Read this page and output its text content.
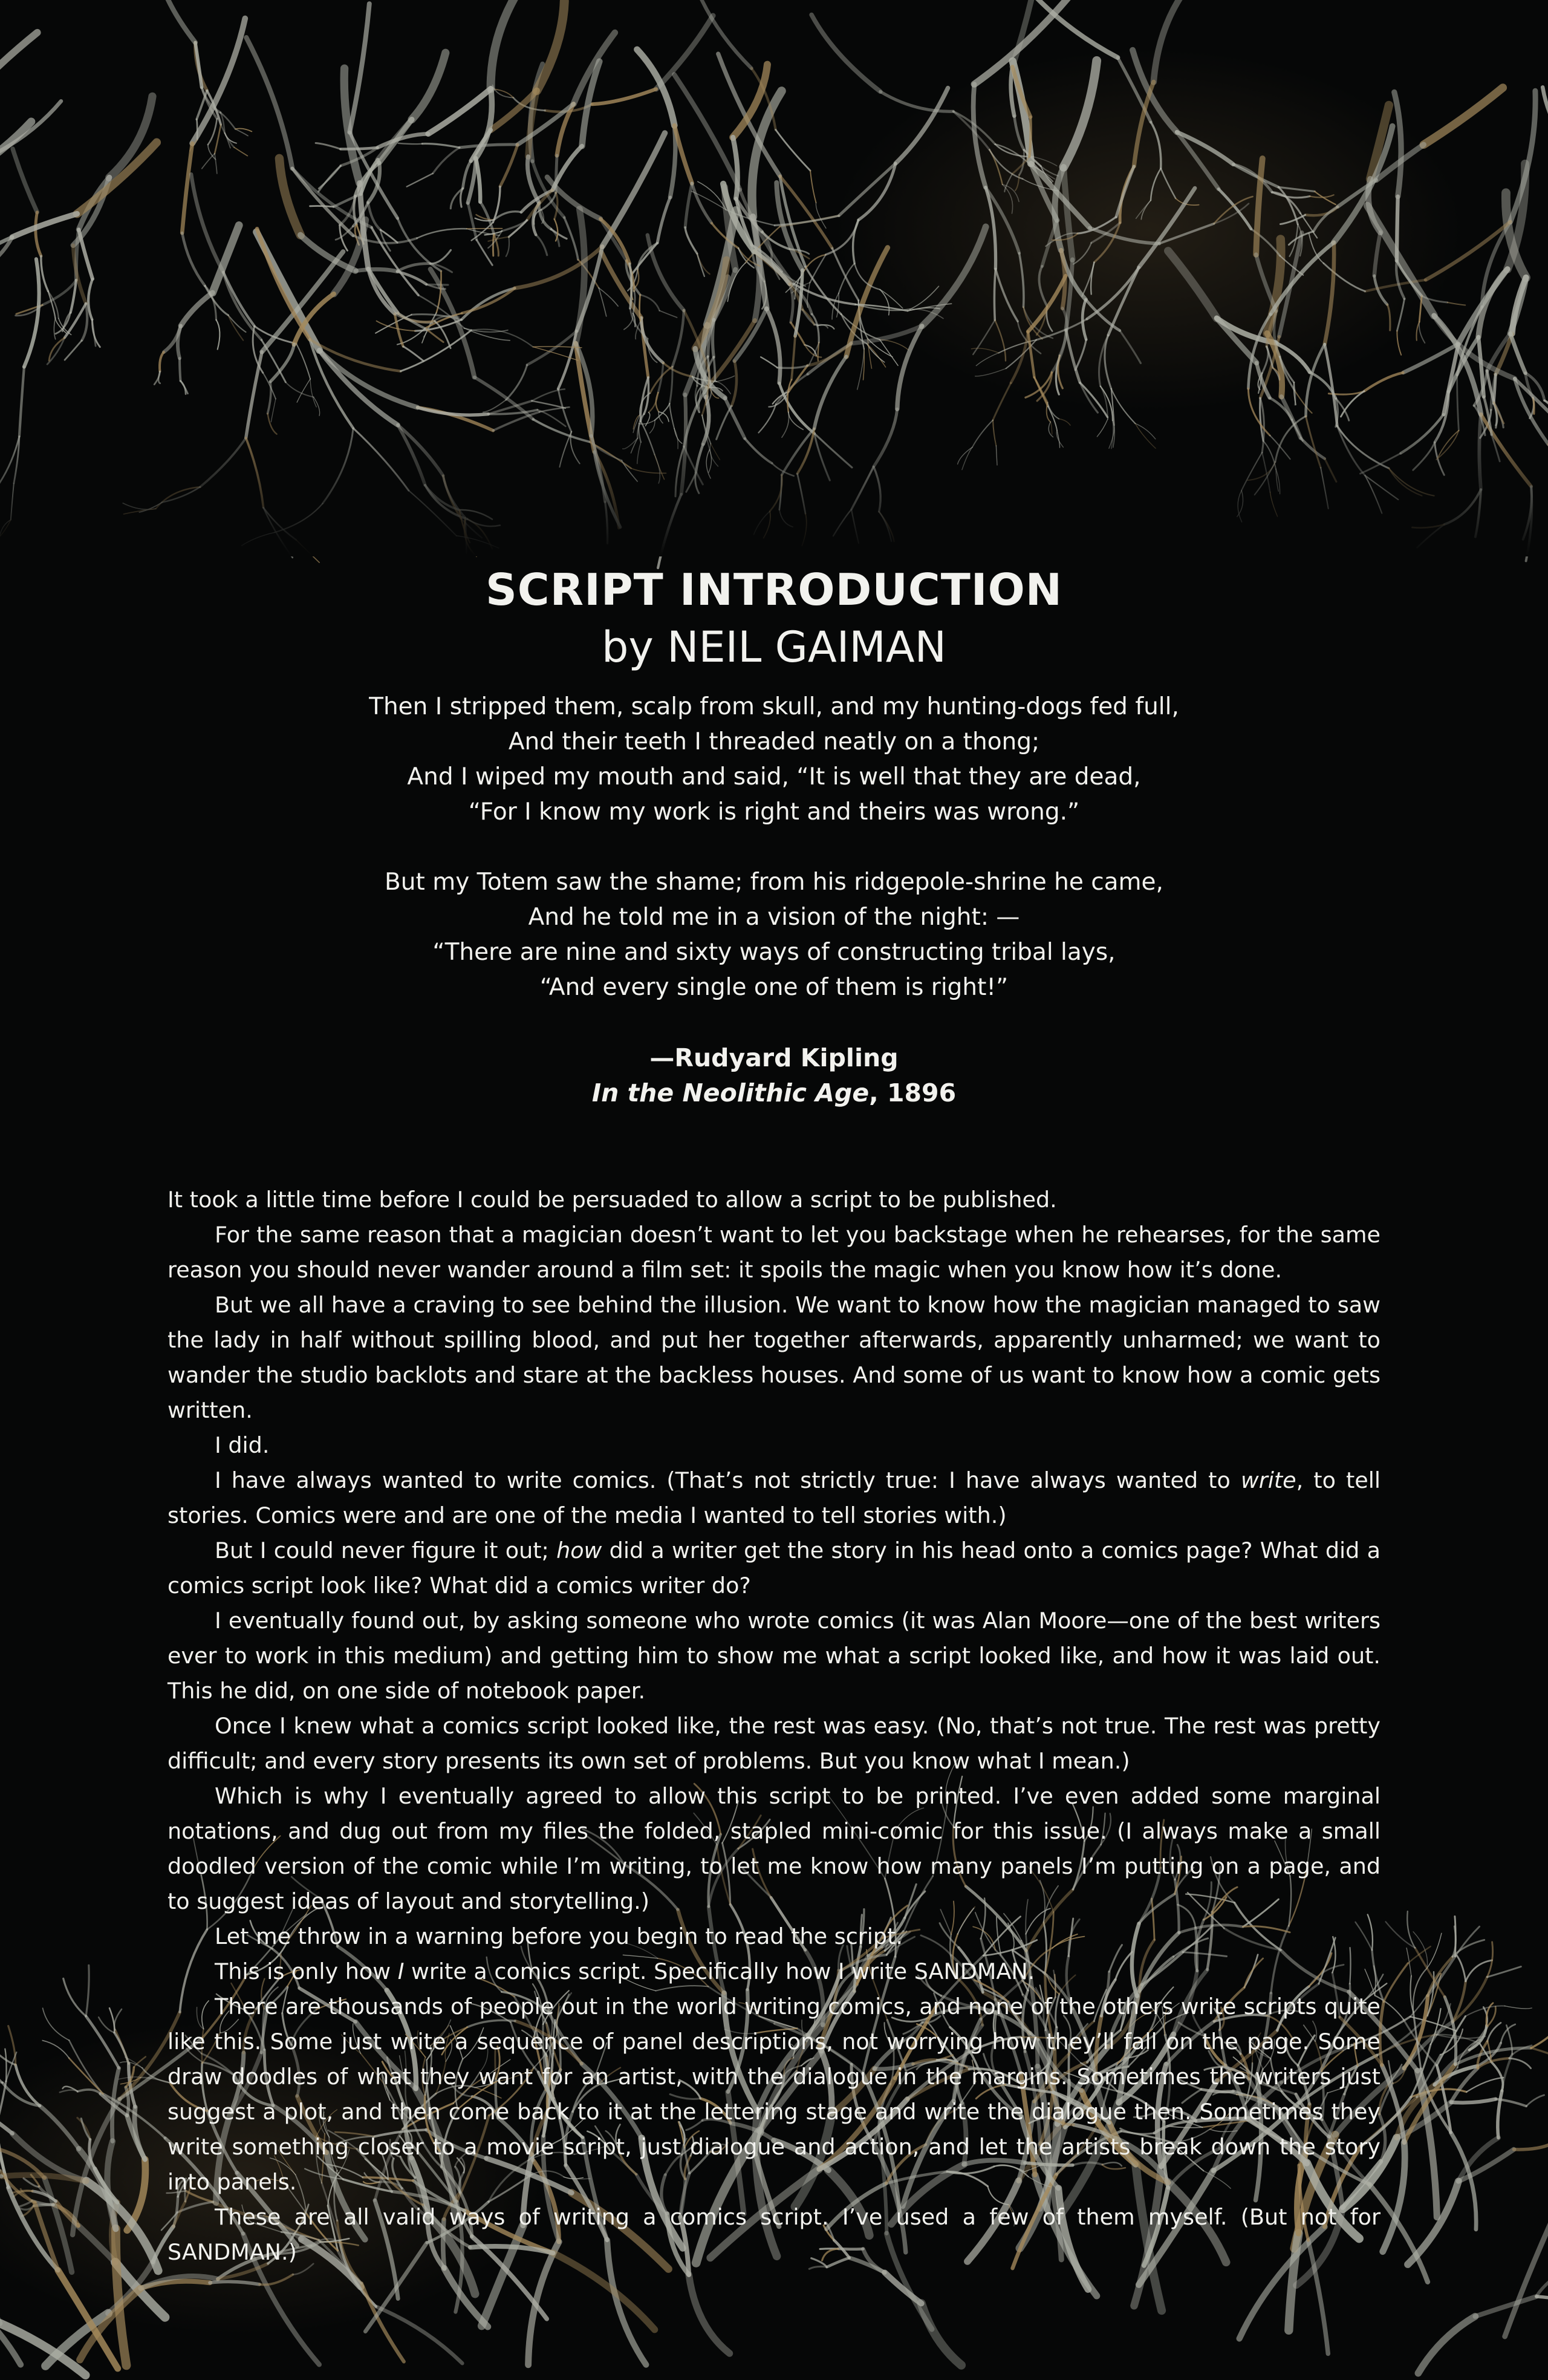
SCRIPT INTRODUCTION
by NEIL GAIMAN
Then I stripped them, scalp from skull, and my hunting-dogs fed full,
And their teeth I threaded neatly on a thong;
And I wiped my mouth and said, “It is well that they are dead,
“For I know my work is right and theirs was wrong.”
But my Totem saw the shame; from his ridgepole-shrine he came,
And he told me in a vision of the night: —
“There are nine and sixty ways of constructing tribal lays,
“And every single one of them is right!”
—Rudyard Kipling
In the Neolithic Age, 1896

It took a little time before I could be persuaded to allow a script to be published.

For the same reason that a magician doesn’t want to let you backstage when he rehearses, for the same reason you should never wander around a film set: it spoils the magic when you know how it’s done.

But we all have a craving to see behind the illusion. We want to know how the magician managed to saw the lady in half without spilling blood, and put her together afterwards, apparently unharmed; we want to wander the studio backlots and stare at the backless houses. And some of us want to know how a comic gets written.

I did.

I have always wanted to write comics. (That’s not strictly true: I have always wanted to write, to tell stories. Comics were and are one of the media I wanted to tell stories with.)

But I could never figure it out; how did a writer get the story in his head onto a comics page? What did a comics script look like? What did a comics writer do?

I eventually found out, by asking someone who wrote comics (it was Alan Moore—one of the best writers ever to work in this medium) and getting him to show me what a script looked like, and how it was laid out. This he did, on one side of notebook paper.

Once I knew what a comics script looked like, the rest was easy. (No, that’s not true. The rest was pretty difficult; and every story presents its own set of problems. But you know what I mean.)

Which is why I eventually agreed to allow this script to be printed. I’ve even added some marginal notations, and dug out from my files the folded, stapled mini-comic for this issue. (I always make a small doodled version of the comic while I’m writing, to let me know how many panels I’m putting on a page, and to suggest ideas of layout and storytelling.)

Let me throw in a warning before you begin to read the script.

This is only how I write a comics script. Specifically how I write SANDMAN.

There are thousands of people out in the world writing comics, and none of the others write scripts quite like this. Some just write a sequence of panel descriptions, not worrying how they’ll fall on the page. Some draw doodles of what they want for an artist, with the dialogue in the margins. Sometimes the writers just suggest a plot, and then come back to it at the lettering stage and write the dialogue then. Sometimes they write something closer to a movie script, just dialogue and action, and let the artists break down the story into panels.

These are all valid ways of writing a comics script. I’ve used a few of them myself. (But not for SANDMAN.)
